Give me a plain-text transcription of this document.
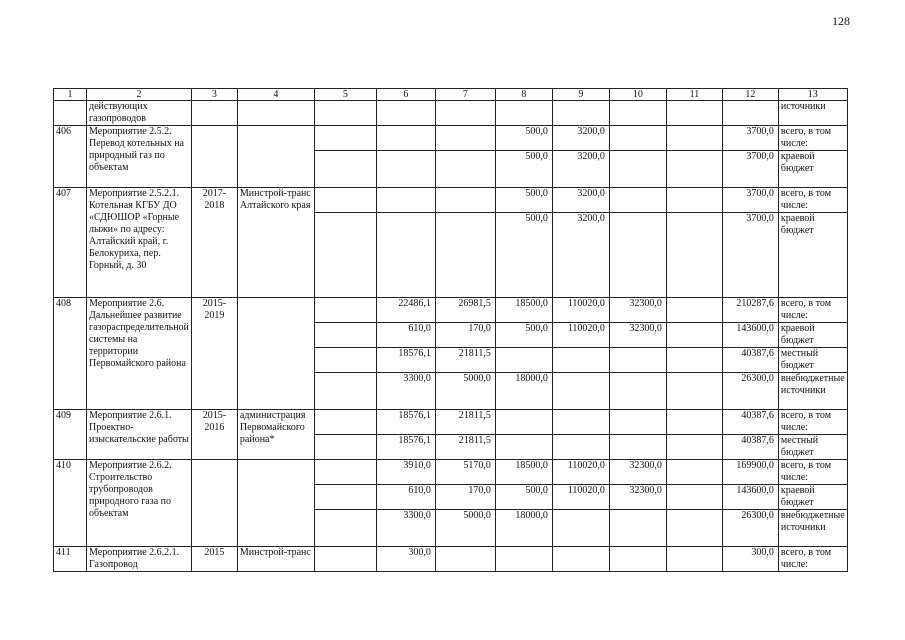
128
1	2	3	4	5	6	7	8	9	10	11	12	13
	действующих газопроводов											источники
406	Мероприятие 2.5.2. Перевод котельных на природный газ по объектам						500,0	3200,0			3700,0	всего, в том числе:
							500,0	3200,0			3700,0	краевой бюджет
407	Мероприятие 2.5.2.1. Котельная КГБУ ДО «СДЮШОР «Горные лыжи» по адресу: Алтайский край, г. Белокуриха, пер. Горный, д. 30	2017-2018	Минстрой-транс Алтайского края				500,0	3200,0			3700,0	всего, в том числе:
							500,0	3200,0			3700,0	краевой бюджет
408	Мероприятие 2.6. Дальнейшее развитие газораспределительной системы на территории Первомайского района	2015-2019			22486,1	26981,5	18500,0	110020,0	32300,0		210287,6	всего, в том числе:
					610,0	170,0	500,0	110020,0	32300,0		143600,0	краевой бюджет
					18576,1	21811,5					40387,6	местный бюджет
					3300,0	5000,0	18000,0				26300,0	внебюджетные источники
409	Мероприятие 2.6.1. Проектно-изыскательские работы	2015-2016	администрация Первомайского района*		18576,1	21811,5					40387,6	всего, в том числе:
					18576,1	21811,5					40387,6	местный бюджет
410	Мероприятие 2.6.2. Строительство трубопроводов природного газа по объектам				3910,0	5170,0	18500,0	110020,0	32300,0		169900,0	всего, в том числе:
					610,0	170,0	500,0	110020,0	32300,0		143600,0	краевой бюджет
					3300,0	5000,0	18000,0				26300,0	внебюджетные источники
411	Мероприятие 2.6.2.1. Газопровод	2015	Минстрой-транс		300,0						300,0	всего, в том числе:
